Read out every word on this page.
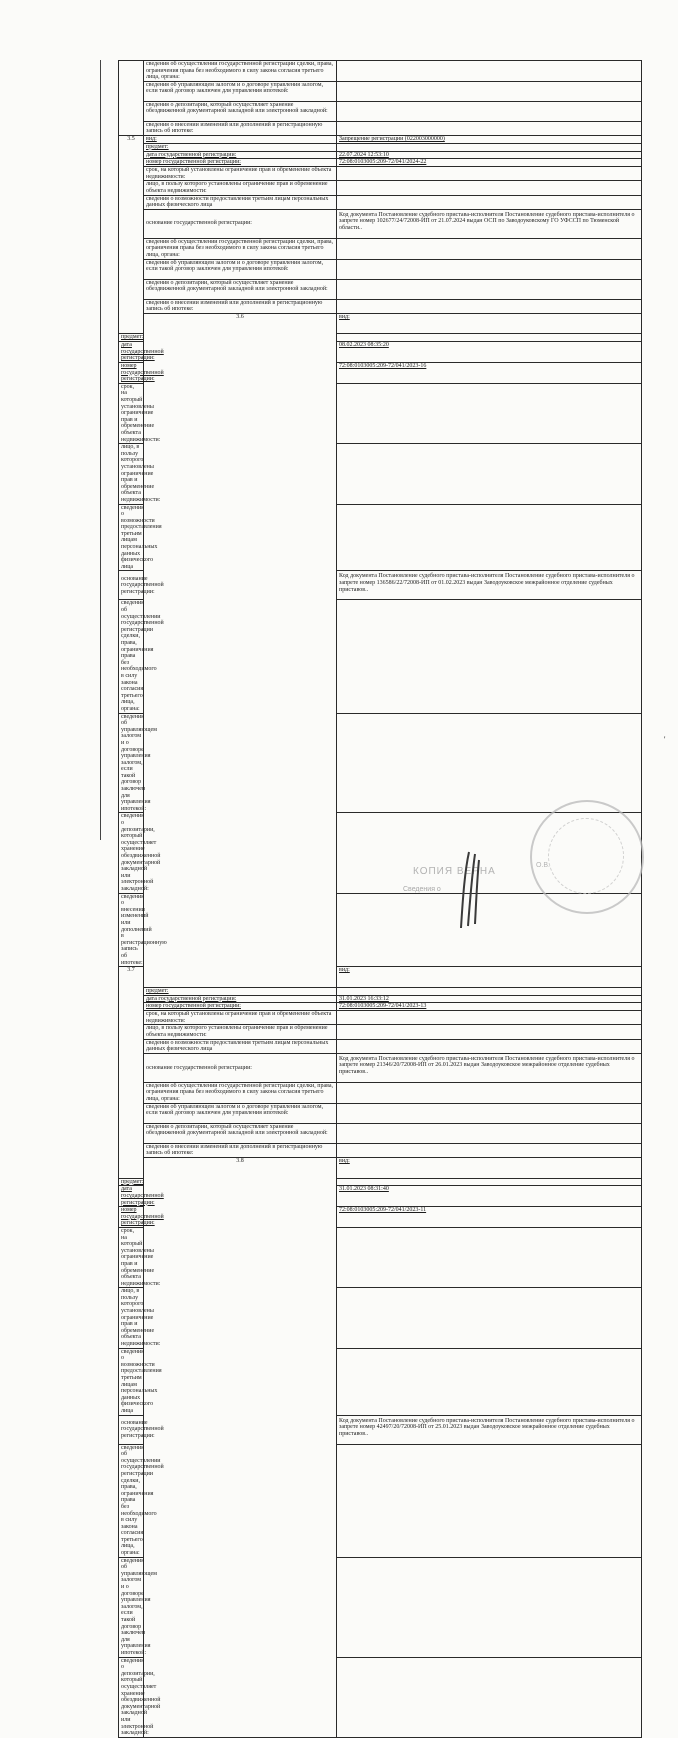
	сведения об осуществлении государственной регистрации сделки, права, ограничения права без необходимого в силу закона согласия третьего лица, органа:		
	сведения об управляющем залогом и о договоре управления залогом, если такой договор заключен для управления ипотекой:		
	сведения о депозитарии, который осуществляет хранение обездвиженной документарной закладной или электронной закладной:		
	сведения о внесении изменений или дополнений в регистрационную запись об ипотеке:		
3.5	вид:	Запрещение регистрации (022003000000)	
	предмет:		
	дата государственной регистрации:	22.07.2024 12:53:10	
	номер государственной регистрации:	72:08:0103005:209-72/041/2024-22	
	срок, на который установлены ограничение прав и обременение объекта недвижимости:		
	лицо, в пользу которого установлены ограничение прав и обременение объекта недвижимости:		
	сведения о возможности предоставления третьим лицам персональных данных физического лица		
	основание государственной регистрации:	Код документа Постановление судебного пристава-исполнителя Постановление судебного пристава-исполнителя о запрете номер 102677/24/72008-ИП от 21.07.2024 выдан ОСП по Заводоуковскому ГО УФССП по Тюменской области..	
	сведения об осуществлении государственной регистрации сделки, права, ограничения права без необходимого в силу закона согласия третьего лица, органа:		
	сведения об управляющем залогом и о договоре управления залогом, если такой договор заключен для управления ипотекой:		
	сведения о депозитарии, который осуществляет хранение обездвиженной документарной закладной или электронной закладной:		
	сведения о внесении изменений или дополнений в регистрационную запись об ипотеке:		
	3.6	вид:	
предмет:			
дата государственной регистрации:		08.02.2023 08:35:20	
номер государственной регистрации:		72:08:0103005:209-72/041/2023-16	
срок, на который установлены ограничение прав и обременение объекта недвижимости:			
лицо, в пользу которого установлены ограничение прав и обременение объекта недвижимости:			
сведения о возможности предоставления третьим лицам персональных данных физического лица			
основание государственной регистрации:		Код документа Постановление судебного пристава-исполнителя Постановление судебного пристава-исполнителя о запрете номер 136586/22/72008-ИП от 01.02.2023 выдан Заводоуковское межрайонное отделение судебных приставов..	
сведения об осуществлении государственной регистрации сделки, права, ограничения права без необходимого в силу закона согласия третьего лица, органа:			
сведения об управляющем залогом и о договоре управления залогом, если такой договор заключен для управления ипотекой:			
сведения о депозитарии, который осуществляет хранение обездвиженной документарной закладной или электронной закладной:			
сведения о внесении изменений или дополнений в регистрационную запись об ипотеке:			
3.7		вид:	
	предмет:		
	дата государственной регистрации:	31.01.2023 16:33:12	
	номер государственной регистрации:	72:08:0103005:209-72/041/2023-13	
	срок, на который установлены ограничение прав и обременение объекта недвижимости:		
	лицо, в пользу которого установлены ограничение прав и обременение объекта недвижимости:		
	сведения о возможности предоставления третьим лицам персональных данных физического лица		
	основание государственной регистрации:	Код документа Постановление судебного пристава-исполнителя Постановление судебного пристава-исполнителя о запрете номер 21346/20/72008-ИП от 26.01.2023 выдан Заводоуковское межрайонное отделение судебных приставов..	
	сведения об осуществлении государственной регистрации сделки, права, ограничения права без необходимого в силу закона согласия третьего лица, органа:		
	сведения об управляющем залогом и о договоре управления залогом, если такой договор заключен для управления ипотекой:		
	сведения о депозитарии, который осуществляет хранение обездвиженной документарной закладной или электронной закладной:		
	сведения о внесении изменений или дополнений в регистрационную запись об ипотеке:		
	3.8	вид:	
предмет:			
дата государственной регистрации:		31.01.2023 08:31:40	
номер государственной регистрации:		72:08:0103005:209-72/041/2023-11	
срок, на который установлены ограничение прав и обременение объекта недвижимости:			
лицо, в пользу которого установлены ограничение прав и обременение объекта недвижимости:			
сведения о возможности предоставления третьим лицам персональных данных физического лица			
основание государственной регистрации:		Код документа Постановление судебного пристава-исполнителя Постановление судебного пристава-исполнителя о запрете номер 42497/20/72008-ИП от 25.01.2023 выдан Заводоуковское межрайонное отделение судебных приставов..	
сведения об осуществлении государственной регистрации сделки, права, ограничения права без необходимого в силу закона согласия третьего лица, органа:			
сведения об управляющем залогом и о договоре управления залогом, если такой договор заключен для управления ипотекой:			
сведения о депозитарии, который осуществляет хранение обездвиженной документарной закладной или электронной закладной:			
О.В.
КОПИЯ ВЕРНА
Сведения о
'
